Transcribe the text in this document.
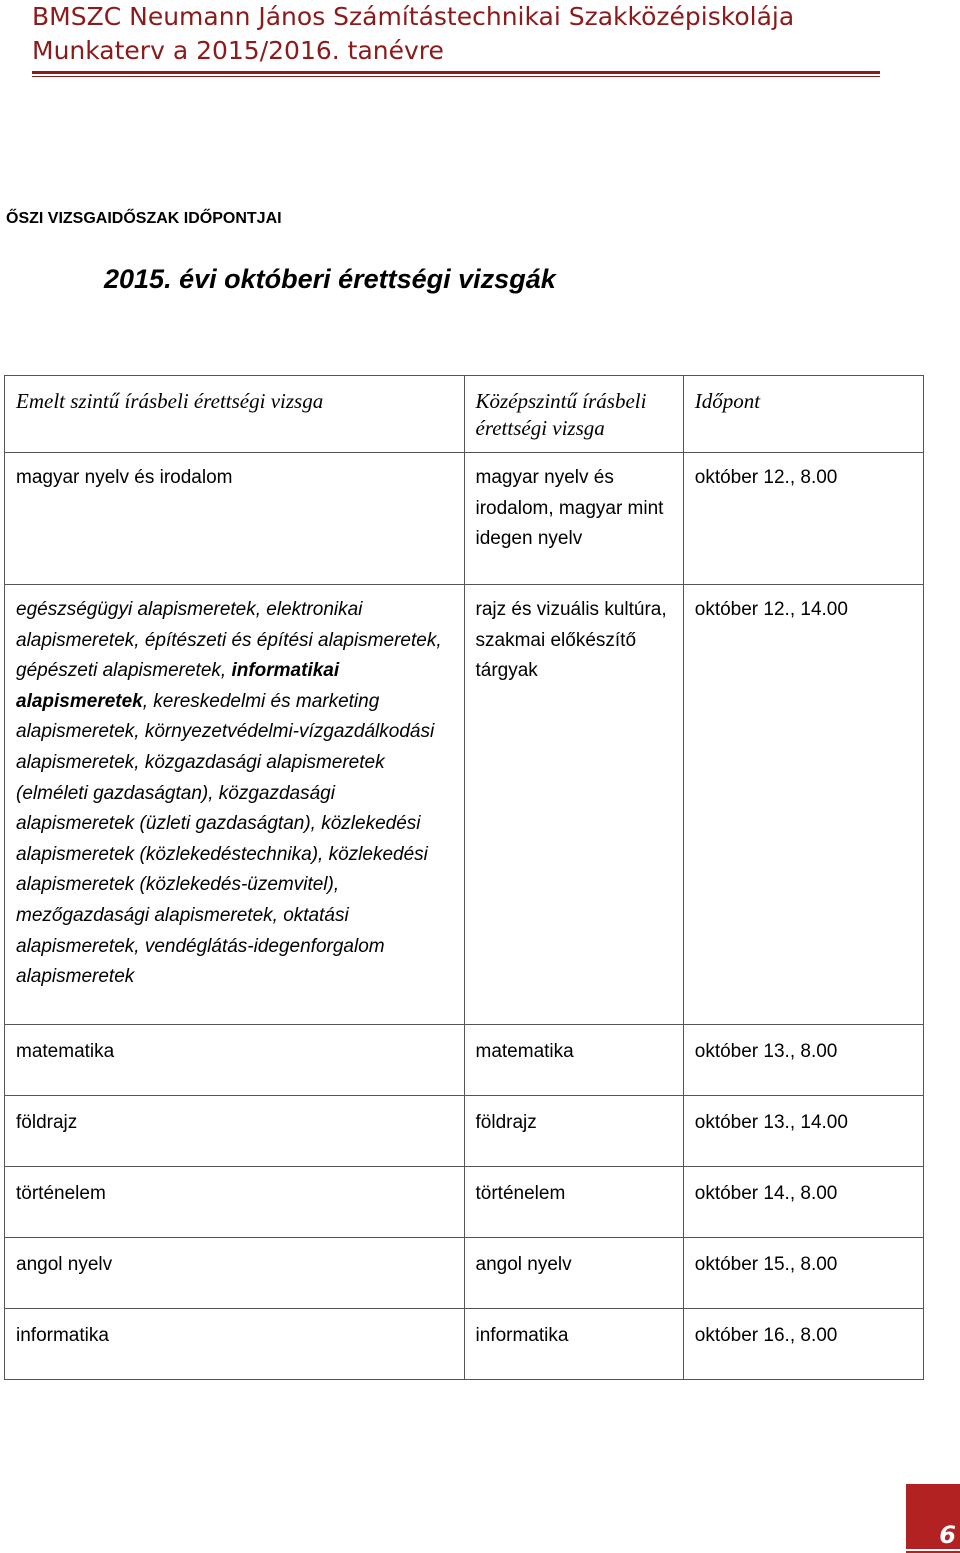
BMSZC Neumann János Számítástechnikai Szakközépiskolája
Munkaterv a 2015/2016. tanévre
ŐSZI VIZSGAIDŐSZAK IDŐPONTJAI
2015. évi októberi érettségi vizsgák
Emelt szintű írásbeli érettségi vizsga	Középszintű írásbeli érettségi vizsga	Időpont
magyar nyelv és irodalom	magyar nyelv és irodalom, magyar mint idegen nyelv	október 12., 8.00
egészségügyi alapismeretek, elektronikai alapismeretek, építészeti és építési alapismeretek, gépészeti alapismeretek, informatikai alapismeretek, kereskedelmi és marketing alapismeretek, környezetvédelmi-vízgazdálkodási alapismeretek, közgazdasági alapismeretek (elméleti gazdaságtan), közgazdasági alapismeretek (üzleti gazdaságtan), közlekedési alapismeretek (közlekedéstechnika), közlekedési alapismeretek (közlekedés-üzemvitel), mezőgazdasági alapismeretek, oktatási alapismeretek, vendéglátás-idegenforgalom alapismeretek	rajz és vizuális kultúra, szakmai előkészítő tárgyak	október 12., 14.00
matematika	matematika	október 13., 8.00
földrajz	földrajz	október 13., 14.00
történelem	történelem	október 14., 8.00
angol nyelv	angol nyelv	október 15., 8.00
informatika	informatika	október 16., 8.00
6
